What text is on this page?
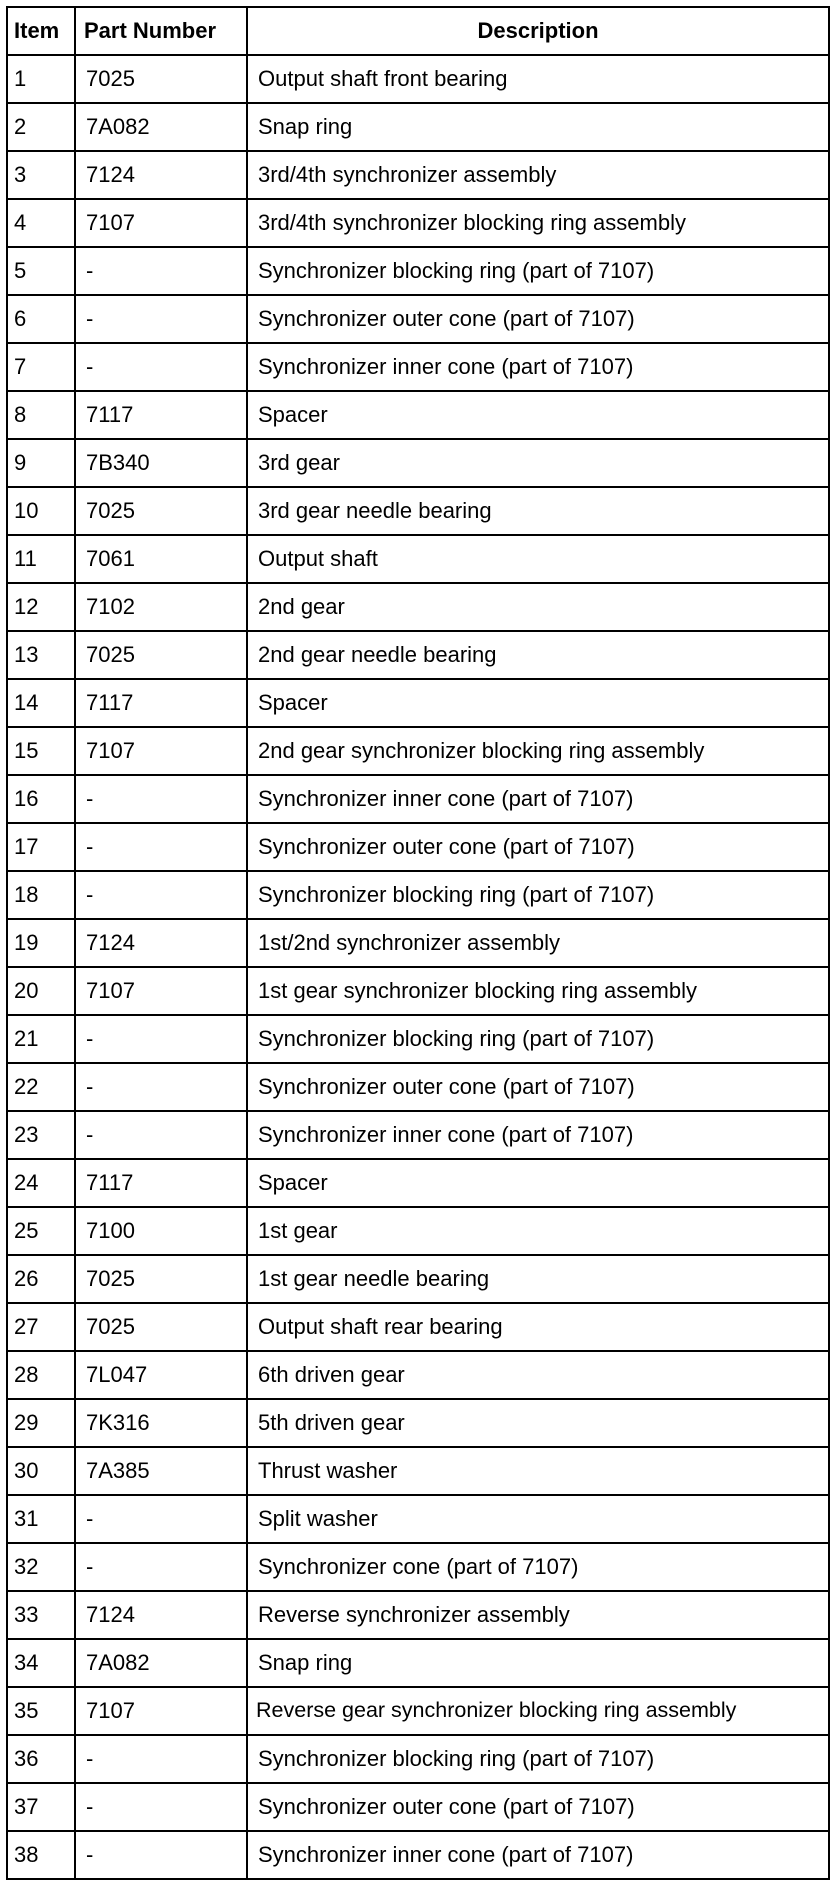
Item	Part Number	Description
1	7025	Output shaft front bearing
2	7A082	Snap ring
3	7124	3rd/4th synchronizer assembly
4	7107	3rd/4th synchronizer blocking ring assembly
5	-	Synchronizer blocking ring (part of 7107)
6	-	Synchronizer outer cone (part of 7107)
7	-	Synchronizer inner cone (part of 7107)
8	7117	Spacer
9	7B340	3rd gear
10	7025	3rd gear needle bearing
11	7061	Output shaft
12	7102	2nd gear
13	7025	2nd gear needle bearing
14	7117	Spacer
15	7107	2nd gear synchronizer blocking ring assembly
16	-	Synchronizer inner cone (part of 7107)
17	-	Synchronizer outer cone (part of 7107)
18	-	Synchronizer blocking ring (part of 7107)
19	7124	1st/2nd synchronizer assembly
20	7107	1st gear synchronizer blocking ring assembly
21	-	Synchronizer blocking ring (part of 7107)
22	-	Synchronizer outer cone (part of 7107)
23	-	Synchronizer inner cone (part of 7107)
24	7117	Spacer
25	7100	1st gear
26	7025	1st gear needle bearing
27	7025	Output shaft rear bearing
28	7L047	6th driven gear
29	7K316	5th driven gear
30	7A385	Thrust washer
31	-	Split washer
32	-	Synchronizer cone (part of 7107)
33	7124	Reverse synchronizer assembly
34	7A082	Snap ring
35	7107	Reverse gear synchronizer blocking ring assembly
36	-	Synchronizer blocking ring (part of 7107)
37	-	Synchronizer outer cone (part of 7107)
38	-	Synchronizer inner cone (part of 7107)
